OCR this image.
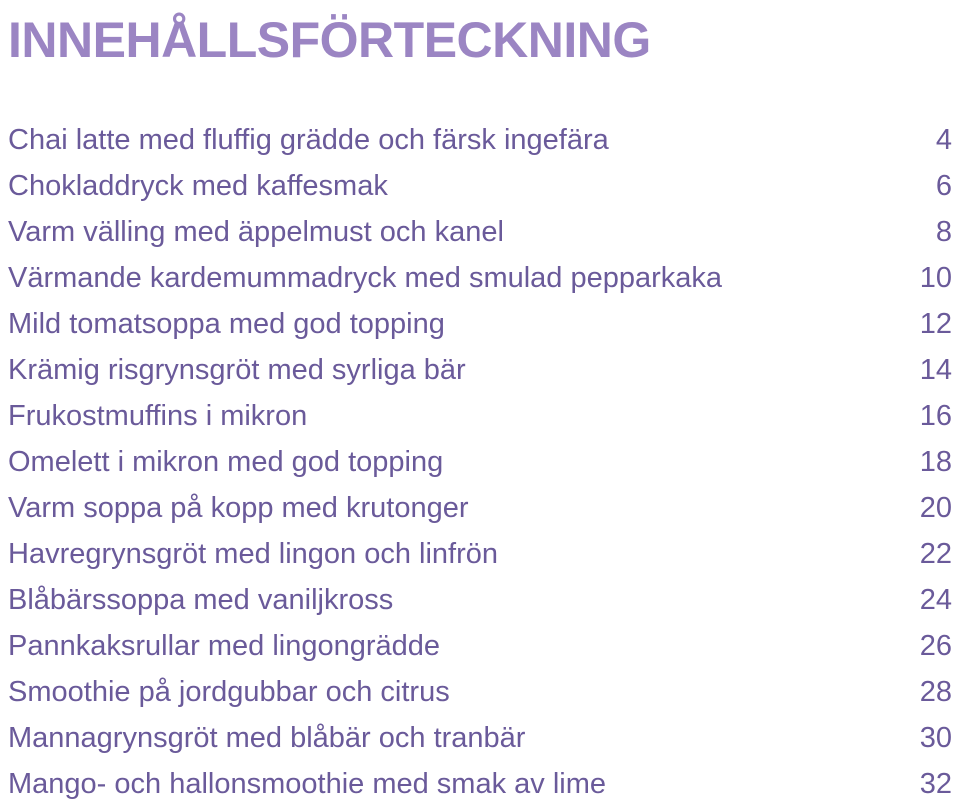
INNEHÅLLSFÖRTECKNING
Chai latte med fluffig grädde och färsk ingefära	4
Chokladdryck med kaffesmak	6
Varm välling med äppelmust och kanel	8
Värmande kardemummadryck med smulad pepparkaka	10
Mild tomatsoppa med god topping	12
Krämig risgrynsgröt med syrliga bär	14
Frukostmuffins i mikron	16
Omelett i mikron med god topping	18
Varm soppa på kopp med krutonger	20
Havregrynsgröt med lingon och linfrön	22
Blåbärssoppa med vaniljkross	24
Pannkaksrullar med lingongrädde	26
Smoothie på jordgubbar och citrus	28
Mannagrynsgröt med blåbär och tranbär	30
Mango- och hallonsmoothie med smak av lime	32
